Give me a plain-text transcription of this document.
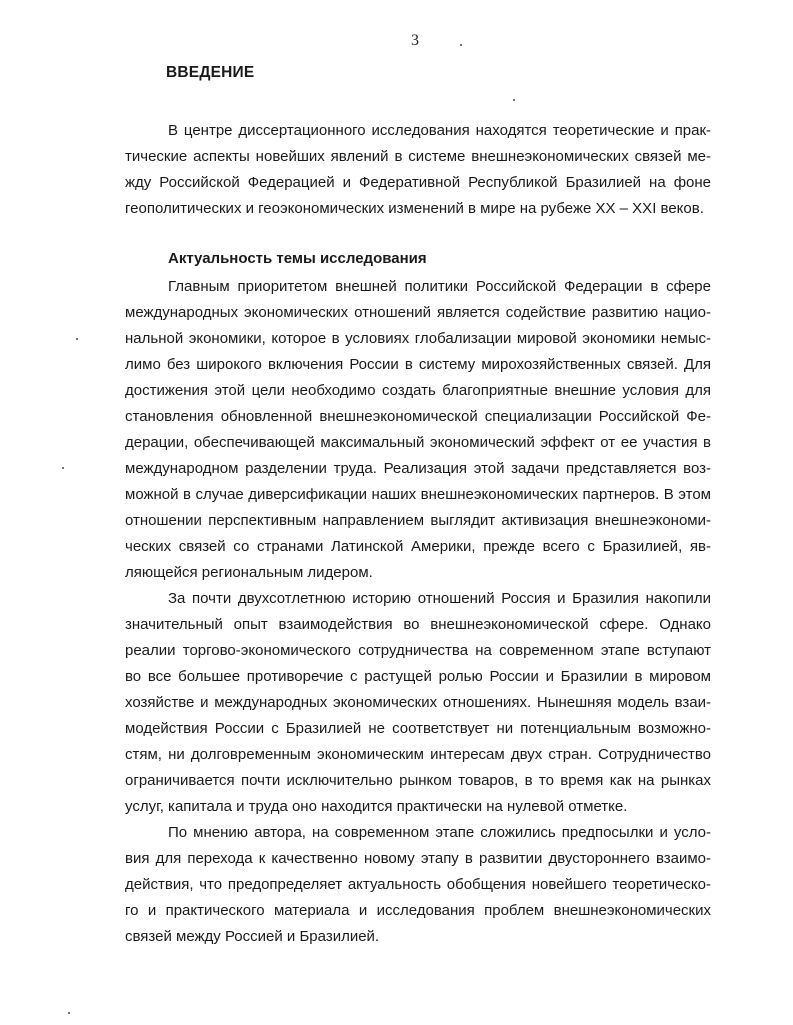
3
ВВЕДЕНИЕ
В центре диссертационного исследования находятся теоретические и прак-
тические аспекты новейших явлений в системе внешнеэкономических связей ме-
жду Российской Федерацией и Федеративной Республикой Бразилией на фоне
геополитических и геоэкономических изменений в мире на рубеже XX – XXI веков.
Актуальность темы исследования
Главным приоритетом внешней политики Российской Федерации в сфере
международных экономических отношений является содействие развитию нацио-
нальной экономики, которое в условиях глобализации мировой экономики немыс-
лимо без широкого включения России в систему мирохозяйственных связей. Для
достижения этой цели необходимо создать благоприятные внешние условия для
становления обновленной внешнеэкономической специализации Российской Фе-
дерации, обеспечивающей максимальный экономический эффект от ее участия в
международном разделении труда. Реализация этой задачи представляется воз-
можной в случае диверсификации наших внешнеэкономических партнеров. В этом
отношении перспективным направлением выглядит активизация внешнеэкономи-
ческих связей со странами Латинской Америки, прежде всего с Бразилией, яв-
ляющейся региональным лидером.
За почти двухсотлетнюю историю отношений Россия и Бразилия накопили
значительный опыт взаимодействия во внешнеэкономической сфере. Однако
реалии торгово-экономического сотрудничества на современном этапе вступают
во все большее противоречие с растущей ролью России и Бразилии в мировом
хозяйстве и международных экономических отношениях. Нынешняя модель взаи-
модействия России с Бразилией не соответствует ни потенциальным возможно-
стям, ни долговременным экономическим интересам двух стран. Сотрудничество
ограничивается почти исключительно рынком товаров, в то время как на рынках
услуг, капитала и труда оно находится практически на нулевой отметке.
По мнению автора, на современном этапе сложились предпосылки и усло-
вия для перехода к качественно новому этапу в развитии двустороннего взаимо-
действия, что предопределяет актуальность обобщения новейшего теоретическо-
го и практического материала и исследования проблем внешнеэкономических
связей между Россией и Бразилией.
